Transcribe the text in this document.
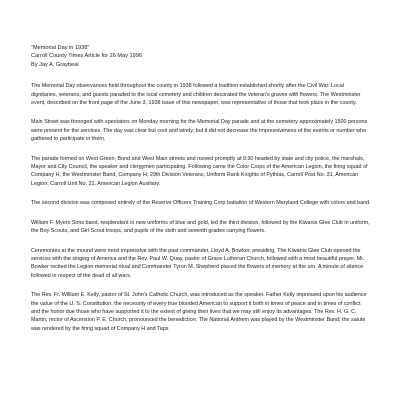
"Memorial Day in 1938"

Carroll County Times Article for 26 May 1996

By Jay A. Graybeal

The Memorial Day observances held throughout the county in 1938 followed a tradition established shortly after the Civil War. Local dignitaries, veterans, and guests paraded to the local cemetery and children decorated the veteran's graves with flowers. The Westminster event, described on the front page of the June 3, 1938 issue of this newspaper, was representative of those that took place in the county.

Main Street was thronged with spectators on Monday morning for the Memorial Day parade and at the cemetery approximately 1500 persons were present for the services. The day was clear but cool and windy, but it did not decrease the impressiveness of the events or number who gathered to participate in them.

The parade formed on West Green, Bond and West Main streets and moved promptly at 9:30 headed by state and city police, the marshals, Mayor and City Council, the speaker and clergymen participating. Following came the Color Corps of the American Legion, the firing squad of Company H, the Westminster Band, Company H, 29th Division Veterans, Uniform Rank Knights of Pythias, Carroll Post No. 31, American Legion; Carroll Unit No. 31, American Legion Auxiliary.

The second division was composed entirely of the Reserve Officers Training Corp battalion of Western Maryland College with colors and band.

William F. Myers Sons band, resplendent in new uniforms of blue and gold, led the third division, followed by the Kiwanis Glee Club in uniform, the Boy Scouts, and Girl Scout troops, and pupils of the sixth and seventh grades carrying flowers.

Ceremonies at the mound were most impressive with the past commander, Lloyd A. Bowker, presiding. The Kiwanis Glee Club opened the services with the singing of America and the Rev. Paul W. Quay, pastor of Grace Lutheran Church, followed with a most beautiful prayer. Mr. Bowker recited the Legion memorial ritual and Commander Tyron M. Shepherd placed the flowers of memory at the urn. A minute of silence followed in respect of the dead of all wars.

The Rev. Fr. William E. Kelly, pastor of St. John's Catholic Church, was introduced as the speaker. Father Kelly impressed upon his audience the value of the U. S. Constitution, the necessity of every true blooded American to support it both in times of peace and in times of conflict and the honor due those who have supported it to the extent of giving their lives that we may still enjoy its advantages. The Rev. H. G. C. Martin, rector of Ascension P. E. Church, pronounced the benediction. The National Anthem was played by the Westminster Band; the salute was rendered by the firing squad of Company H and Taps
